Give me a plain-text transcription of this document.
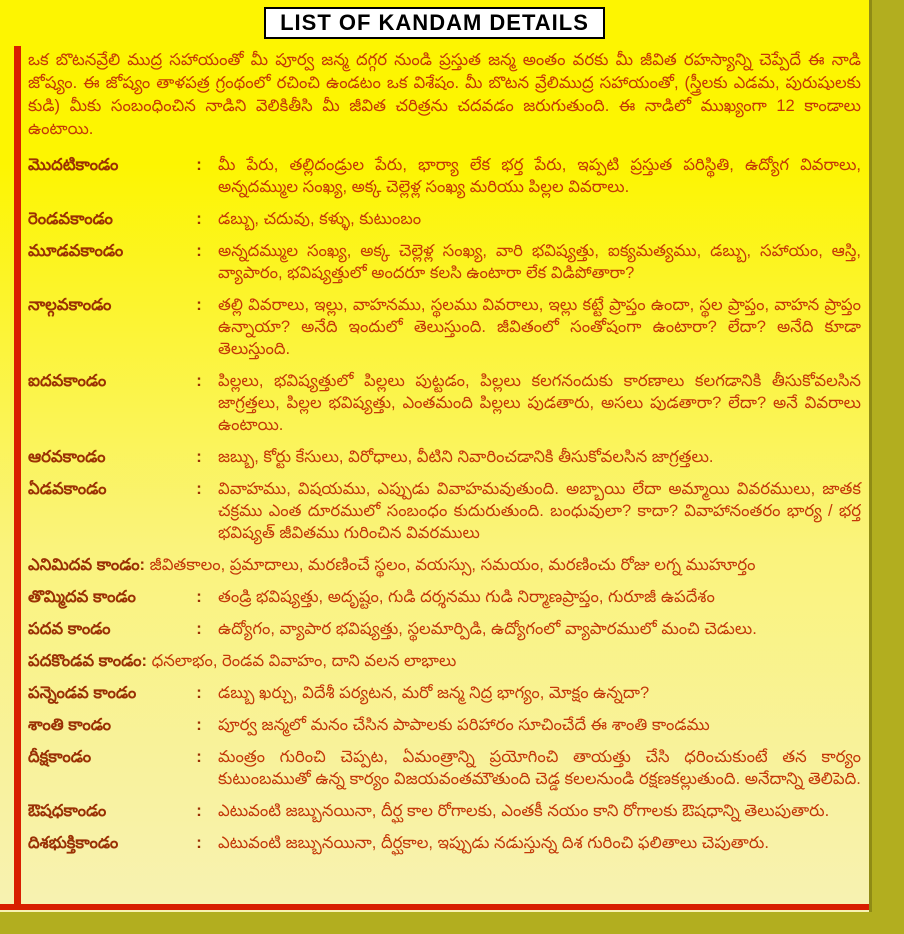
LIST OF KANDAM DETAILS

ఒక బొటనవ్రేలి ముద్ర సహాయంతో మీ పూర్వ జన్మ దగ్గర నుండి ప్రస్తుత జన్మ అంతం వరకు మీ జీవిత రహస్యాన్ని చెప్పేదే ఈ నాడి జోష్యం. ఈ జోష్యం తాళపత్ర గ్రంథంలో రచించి ఉండటం ఒక విశేషం. మీ బొటన వ్రేలిముద్ర సహాయంతో, (స్త్రీలకు ఎడమ, పురుషులకు కుడి) మీకు సంబంధించిన నాడిని వెలికితీసి మీ జీవిత చరిత్రను చదవడం జరుగుతుంది. ఈ నాడిలో ముఖ్యంగా 12 కాండాలు ఉంటాయి.

మొదటికాండం	: మీ పేరు, తల్లిదండ్రుల పేరు, భార్యా లేక భర్త పేరు, ఇప్పటి ప్రస్తుత పరిస్థితి, ఉద్యోగ వివరాలు, అన్నదమ్ముల సంఖ్య, అక్క చెల్లెళ్ల సంఖ్య మరియు పిల్లల వివరాలు.
రెండవకాండం	: డబ్బు, చదువు, కళ్ళు, కుటుంబం
మూడవకాండం	: అన్నదమ్ముల సంఖ్య, అక్క చెల్లెళ్ల సంఖ్య, వారి భవిష్యత్తు, ఐక్యమత్యము, డబ్బు, సహాయం, ఆస్తి, వ్యాపారం, భవిష్యత్తులో అందరూ కలసి ఉంటారా లేక విడిపోతారా?
నాల్గవకాండం	: తల్లి వివరాలు, ఇల్లు, వాహనము, స్థలము వివరాలు, ఇల్లు కట్టే ప్రాప్తం ఉందా, స్థల ప్రాప్తం, వాహన ప్రాప్తం ఉన్నాయా? అనేది ఇందులో తెలుస్తుంది. జీవితంలో సంతోషంగా ఉంటారా? లేదా? అనేది కూడా తెలుస్తుంది.
ఐదవకాండం	: పిల్లలు, భవిష్యత్తులో పిల్లలు పుట్టడం, పిల్లలు కలగనందుకు కారణాలు కలగడానికి తీసుకోవలసిన జాగ్రత్తలు, పిల్లల భవిష్యత్తు, ఎంతమంది పిల్లలు పుడతారు, అసలు పుడతారా? లేదా? అనే వివరాలు ఉంటాయి.
ఆరవకాండం	: జబ్బు, కోర్టు కేసులు, విరోధాలు, వీటిని నివారించడానికి తీసుకోవలసిన జాగ్రత్తలు.
ఏడవకాండం	: వివాహము, విషయము, ఎప్పుడు వివాహమవుతుంది. అబ్బాయి లేదా అమ్మాయి వివరములు, జాతక చక్రము ఎంత దూరములో సంబంధం కుదురుతుంది. బంధువులా? కాదా? వివాహానంతరం భార్య / భర్త భవిష్యత్ జీవితము గురించిన వివరములు
ఎనిమిదవ కాండం: జీవితకాలం, ప్రమాదాలు, మరణించే స్థలం, వయస్సు, సమయం, మరణించు రోజు లగ్న ముహూర్తం
తొమ్మిదవ కాండం	: తండ్రి భవిష్యత్తు, అదృష్టం, గుడి దర్శనము గుడి నిర్మాణప్రాప్తం, గురూజీ ఉపదేశం
పదవ కాండం	: ఉద్యోగం, వ్యాపార భవిష్యత్తు, స్థలమార్పిడి, ఉద్యోగంలో వ్యాపారములో మంచి చెడులు.
పదకొండవ కాండం: ధనలాభం, రెండవ వివాహం, దాని వలన లాభాలు
పన్నెండవ కాండం	: డబ్బు ఖర్చు, విదేశీ పర్యటన, మరో జన్మ నిద్ర భాగ్యం, మోక్షం ఉన్నదా?
శాంతి కాండం	: పూర్వ జన్మలో మనం చేసిన పాపాలకు పరిహారం సూచించేదే ఈ శాంతి కాండము
దీక్షకాండం	: మంత్రం గురించి చెప్పట, ఏమంత్రాన్ని ప్రయోగించి తాయత్తు చేసి ధరించుకుంటే తన కార్యం కుటుంబముతో ఉన్న కార్యం విజయవంతమౌతుంది చెడ్డ కలలనుండి రక్షణకల్లుతుంది. అనేదాన్ని తెలిపెది.
ఔషధకాండం	: ఎటువంటి జబ్బునయినా, దీర్ఘ కాల రోగాలకు, ఎంతకీ నయం కాని రోగాలకు ఔషధాన్ని తెలుపుతారు.
దిశభుక్తికాండం	: ఎటువంటి జబ్బునయినా, దీర్ఘకాల, ఇప్పుడు నడుస్తున్న దిశ గురించి ఫలితాలు చెపుతారు.
